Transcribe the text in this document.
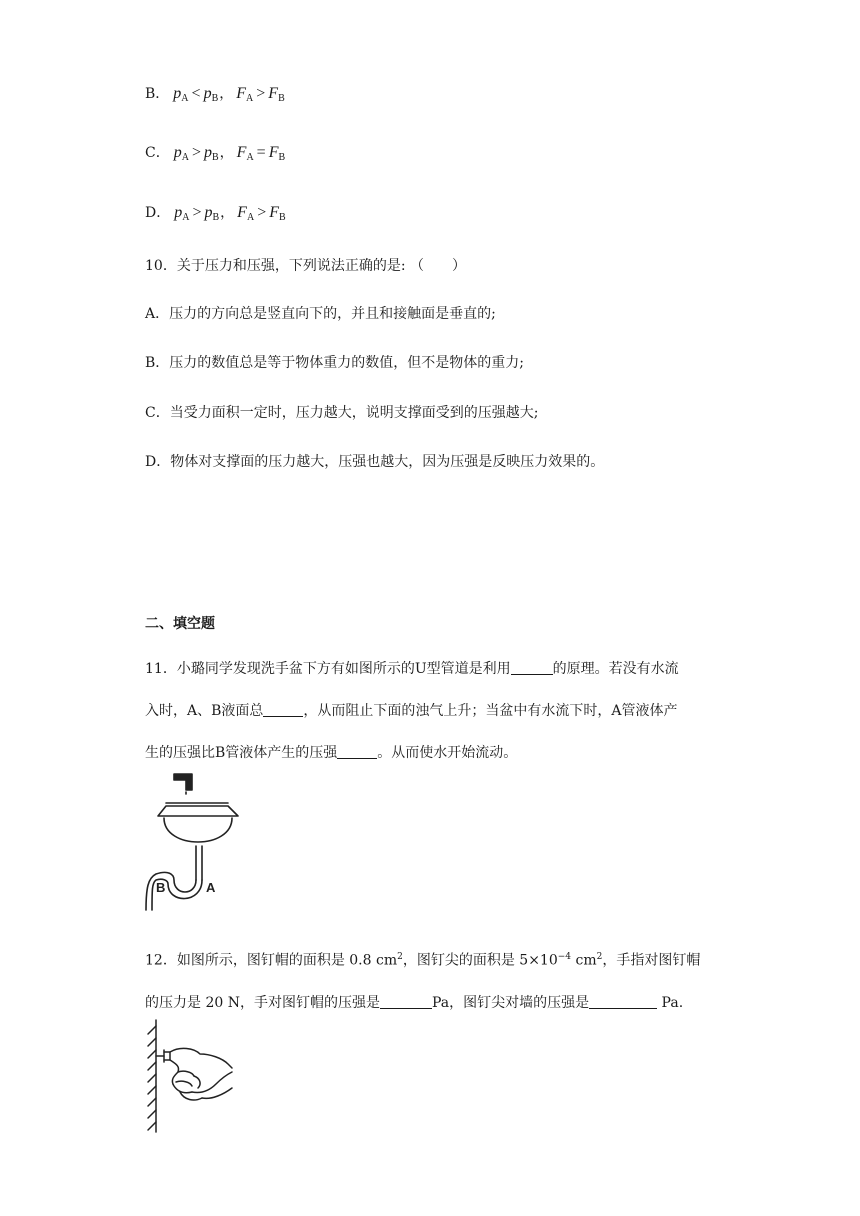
B． $p_A < p_B$， $F_A > F_B$
C． $p_A > p_B$， $F_A = F_B$
D． $p_A > p_B$， $F_A > F_B$
10．关于压力和压强，下列说法正确的是: （　　）
A．压力的方向总是竖直向下的，并且和接触面是垂直的;
B．压力的数值总是等于物体重力的数值，但不是物体的重力;
C．当受力面积一定时，压力越大，说明支撑面受到的压强越大;
D．物体对支撑面的压力越大，压强也越大，因为压强是反映压力效果的。
二、填空题
11．小璐同学发现洗手盆下方有如图所示的U型管道是利用	的原理。若没有水流
入时，A、B液面总	，从而阻止下面的浊气上升；当盆中有水流下时，A管液体产
生的压强比B管液体产生的压强	。从而使水开始流动。
B	A
12．如图所示，图钉帽的面积是 0.8 $cm^2$，图钉尖的面积是 $5\times 10^{-4}$ $cm^2$，手指对图钉帽
的压力是 20 N，手对图钉帽的压强是	Pa，图钉尖对墙的压强是	Pa.
